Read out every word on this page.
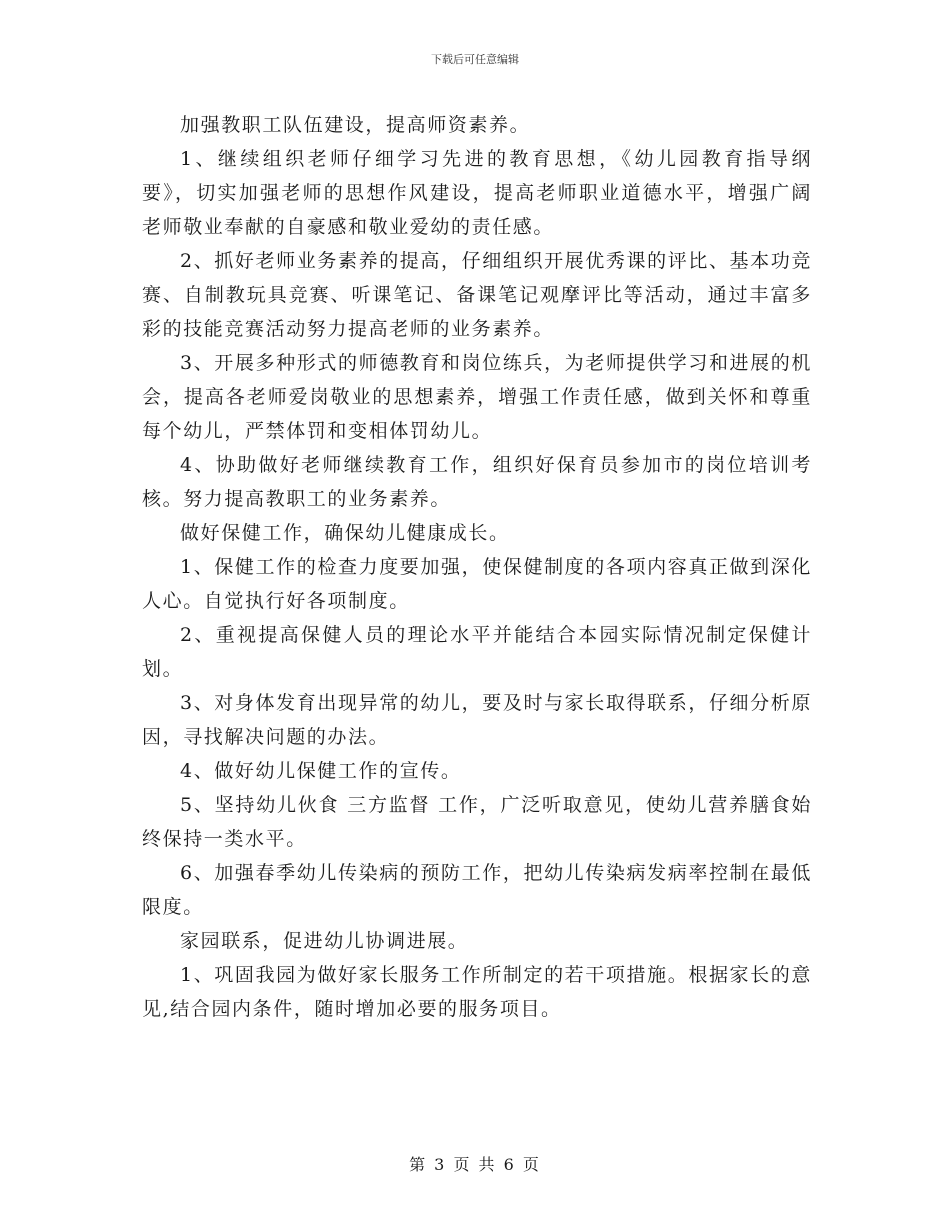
下载后可任意编辑

加强教职工队伍建设，提高师资素养。

1、继续组织老师仔细学习先进的教育思想，《幼儿园教育指导纲要》，切实加强老师的思想作风建设，提高老师职业道德水平，增强广阔老师敬业奉献的自豪感和敬业爱幼的责任感。

2、抓好老师业务素养的提高，仔细组织开展优秀课的评比、基本功竞赛、自制教玩具竞赛、听课笔记、备课笔记观摩评比等活动，通过丰富多彩的技能竞赛活动努力提高老师的业务素养。

3、开展多种形式的师德教育和岗位练兵，为老师提供学习和进展的机会，提高各老师爱岗敬业的思想素养，增强工作责任感，做到关怀和尊重每个幼儿，严禁体罚和变相体罚幼儿。

4、协助做好老师继续教育工作，组织好保育员参加市的岗位培训考核。努力提高教职工的业务素养。

做好保健工作，确保幼儿健康成长。

1、保健工作的检查力度要加强，使保健制度的各项内容真正做到深化人心。自觉执行好各项制度。

2、重视提高保健人员的理论水平并能结合本园实际情况制定保健计划。

3、对身体发育出现异常的幼儿，要及时与家长取得联系，仔细分析原因，寻找解决问题的办法。

4、做好幼儿保健工作的宣传。

5、坚持幼儿伙食 三方监督 工作，广泛听取意见，使幼儿营养膳食始终保持一类水平。

6、加强春季幼儿传染病的预防工作，把幼儿传染病发病率控制在最低限度。

家园联系，促进幼儿协调进展。

1、巩固我园为做好家长服务工作所制定的若干项措施。根据家长的意见,结合园内条件，随时增加必要的服务项目。

第 3 页 共 6 页
